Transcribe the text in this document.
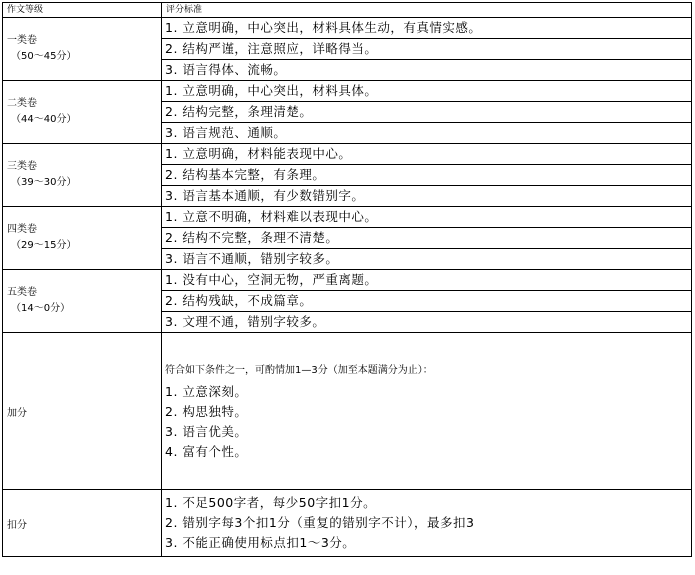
作文等级	评分标准
一类卷
（50～45分）	1. 立意明确，中心突出，材料具体生动，有真情实感。
	2. 结构严谨，注意照应，详略得当。
	3. 语言得体、流畅。
二类卷
（44～40分）	1. 立意明确，中心突出，材料具体。
	2. 结构完整，条理清楚。
	3. 语言规范、通顺。
三类卷
（39～30分）	1. 立意明确，材料能表现中心。
	2. 结构基本完整，有条理。
	3. 语言基本通顺，有少数错别字。
四类卷
（29～15分）	1. 立意不明确，材料难以表现中心。
	2. 结构不完整，条理不清楚。
	3. 语言不通顺，错别字较多。
五类卷
（14～0分）	1. 没有中心，空洞无物，严重离题。
	2. 结构残缺，不成篇章。
	3. 文理不通，错别字较多。
加分	符合如下条件之一，可酌情加1—3分（加至本题满分为止）：
1. 立意深刻。
2. 构思独特。
3. 语言优美。
4. 富有个性。

扣分	1. 不足500字者，每少50字扣1分。
2. 错别字每3个扣1分（重复的错别字不计），最多扣3
3. 不能正确使用标点扣1～3分。
